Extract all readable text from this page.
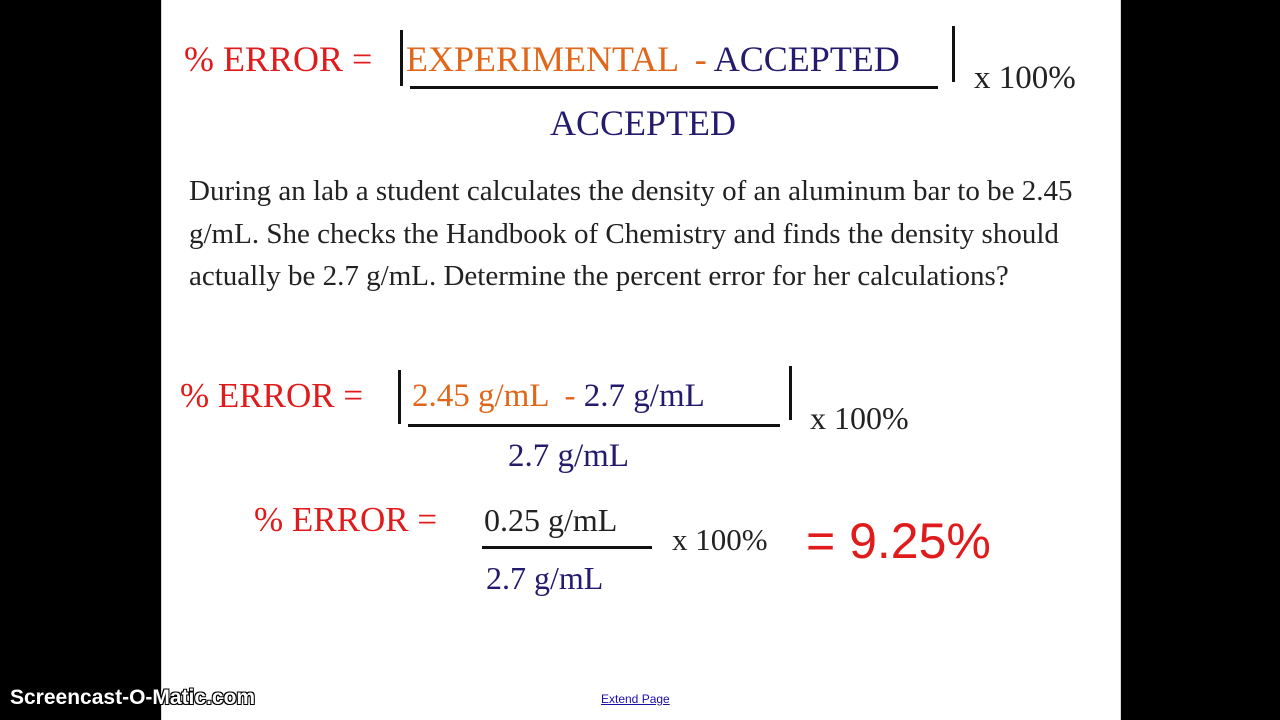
% ERROR = EXPERIMENTAL - ACCEPTED
ACCEPTED
x 100%
During an lab a student calculates the density of an aluminum bar to be 2.45 g/mL. She checks the Handbook of Chemistry and finds the density should actually be 2.7 g/mL. Determine the percent error for her calculations?
% ERROR = 2.45 g/mL - 2.7 g/mL
2.7 g/mL
x 100%
% ERROR = 0.25 g/mL
2.7 g/mL
x 100% = 9.25%
Extend Page
Screencast-O-Matic.com
